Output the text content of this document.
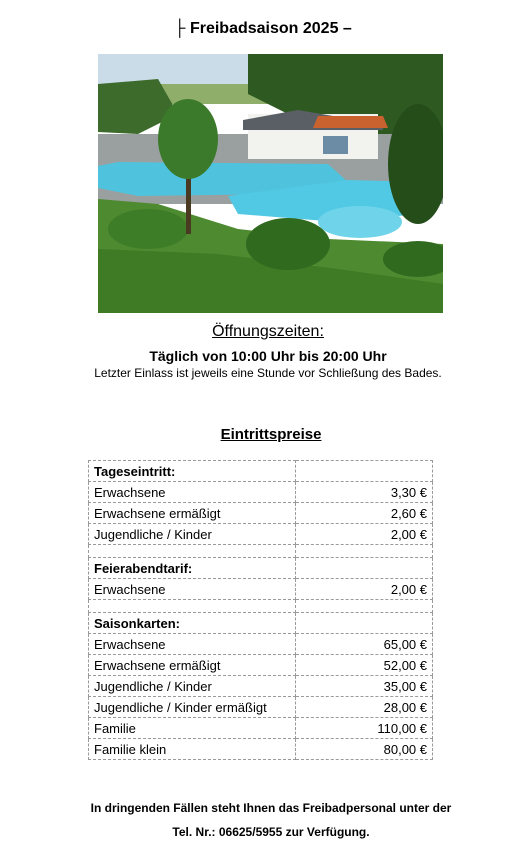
├ Freibadsaison 2025 –
Öffnungszeiten:
Täglich von 10:00 Uhr bis 20:00 Uhr
Letzter Einlass ist jeweils eine Stunde vor Schließung des Bades.
Eintrittspreise
Tageseintritt:	
Erwachsene	3,30 €
Erwachsene ermäßigt	2,60 €
Jugendliche / Kinder	2,00 €

Feierabendtarif:	
Erwachsene	2,00 €

Saisonkarten:	
Erwachsene	65,00 €
Erwachsene ermäßigt	52,00 €
Jugendliche / Kinder	35,00 €
Jugendliche / Kinder ermäßigt	28,00 €
Familie	110,00 €
Familie klein	80,00 €
In dringenden Fällen steht Ihnen das Freibadpersonal unter der
Tel. Nr.: 06625/5955 zur Verfügung.
